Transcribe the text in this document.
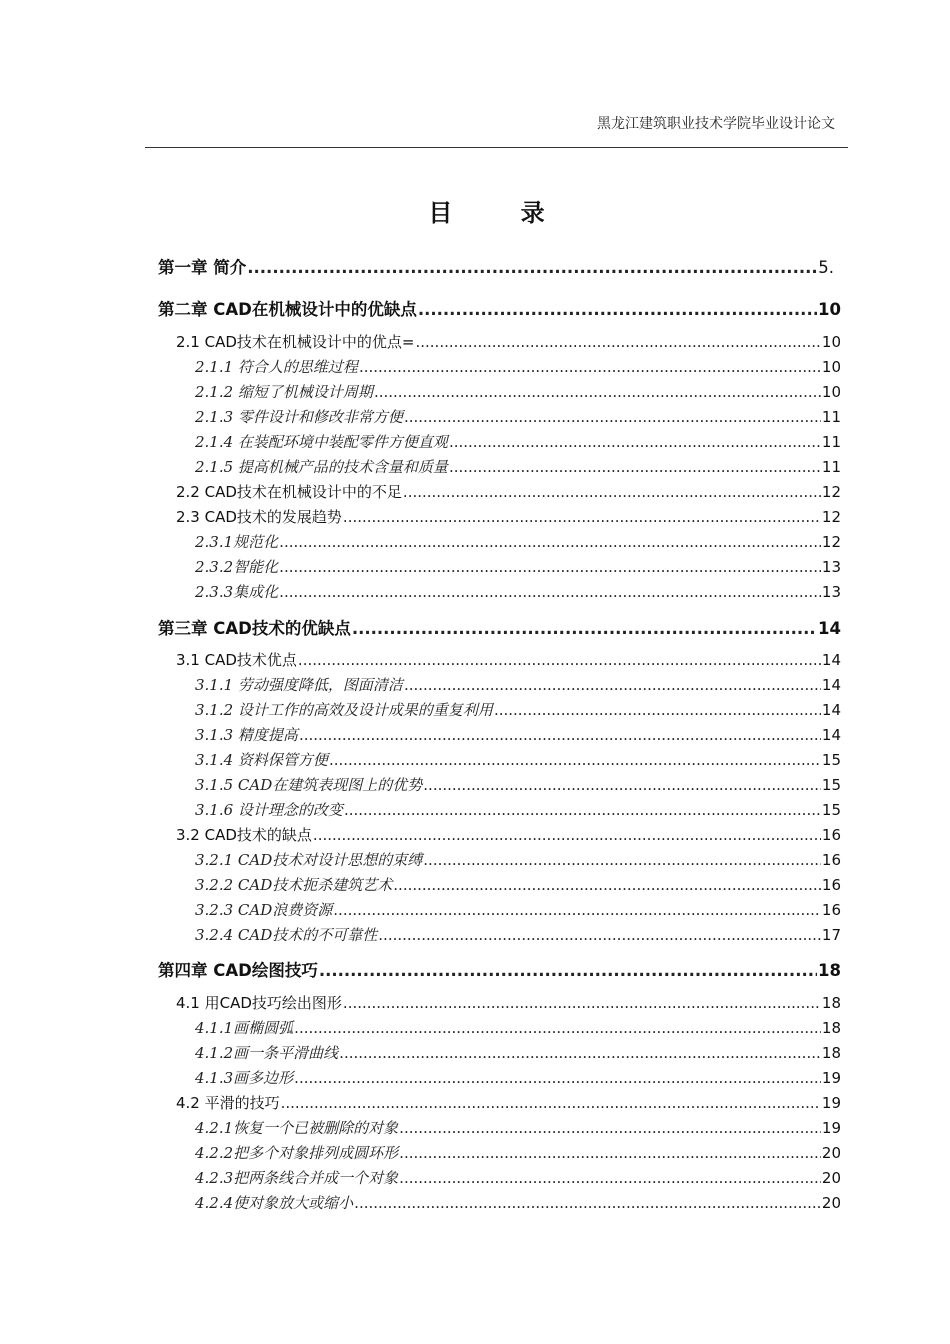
黑龙江建筑职业技术学院毕业设计论文
目 录
第一章 简介 .....	5.
第二章 CAD在机械设计中的优缺点 .....	10
2.1 CAD技术在机械设计中的优点= .....	10
2.1.1 符合人的思维过程 .....	10
2.1.2 缩短了机械设计周期 .....	10
2.1.3 零件设计和修改非常方便 .....	11
2.1.4 在装配环境中装配零件方便直观 .....	11
2.1.5 提高机械产品的技术含量和质量 .....	11
2.2 CAD技术在机械设计中的不足 .....	12
2.3 CAD技术的发展趋势 .....	12
2.3.1规范化 .....	12
2.3.2智能化 .....	13
2.3.3集成化 .....	13
第三章 CAD技术的优缺点 .....	14
3.1 CAD技术优点 .....	14
3.1.1 劳动强度降低，图面清洁 .....	14
3.1.2 设计工作的高效及设计成果的重复利用 .....	14
3.1.3 精度提高 .....	14
3.1.4 资料保管方便 .....	15
3.1.5 CAD在建筑表现图上的优势 .....	15
3.1.6 设计理念的改变 .....	15
3.2 CAD技术的缺点 .....	16
3.2.1 CAD技术对设计思想的束缚 .....	16
3.2.2 CAD技术扼杀建筑艺术 .....	16
3.2.3 CAD浪费资源 .....	16
3.2.4 CAD技术的不可靠性 .....	17
第四章 CAD绘图技巧 .....	18
4.1 用CAD技巧绘出图形 .....	18
4.1.1画椭圆弧 .....	18
4.1.2画一条平滑曲线 .....	18
4.1.3画多边形 .....	19
4.2 平滑的技巧 .....	19
4.2.1恢复一个已被删除的对象 .....	19
4.2.2把多个对象排列成圆环形 .....	20
4.2.3把两条线合并成一个对象 .....	20
4.2.4使对象放大或缩小 .....	20
